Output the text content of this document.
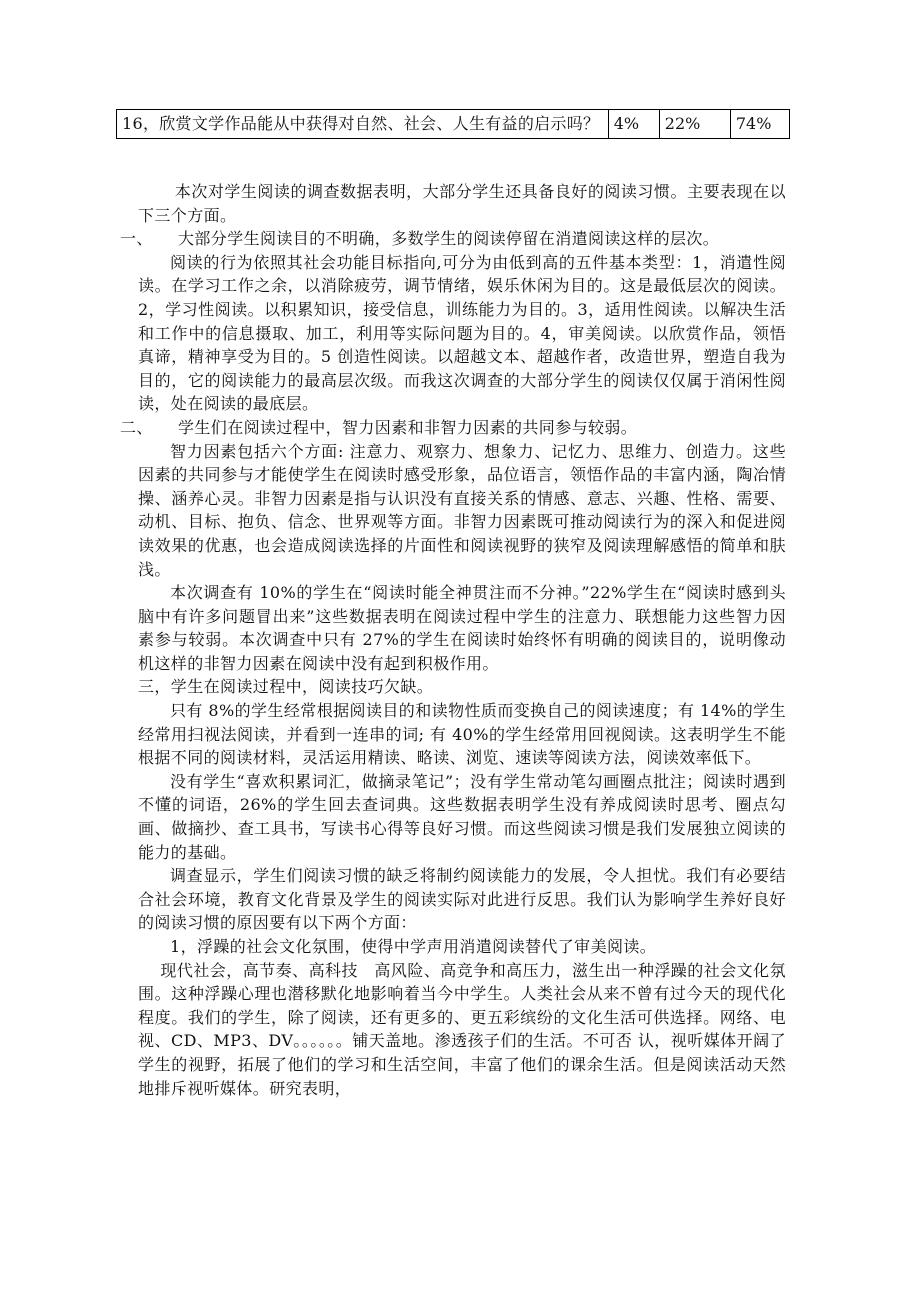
16，欣赏文学作品能从中获得对自然、社会、人生有益的启示吗？	4%	22%	74%

本次对学生阅读的调查数据表明，大部分学生还具备良好的阅读习惯。主要表现在以下三个方面。

一、 大部分学生阅读目的不明确，多数学生的阅读停留在消遣阅读这样的层次。

阅读的行为依照其社会功能目标指向,可分为由低到高的五件基本类型：1，消遣性阅读。在学习工作之余，以消除疲劳，调节情绪，娱乐休闲为目的。这是最低层次的阅读。2，学习性阅读。以积累知识，接受信息，训练能力为目的。3，适用性阅读。以解决生活和工作中的信息摄取、加工，利用等实际问题为目的。4，审美阅读。以欣赏作品，领悟真谛，精神享受为目的。5 创造性阅读。以超越文本、超越作者，改造世界，塑造自我为目的，它的阅读能力的最高层次级。而我这次调查的大部分学生的阅读仅仅属于消闲性阅读，处在阅读的最底层。

二、 学生们在阅读过程中，智力因素和非智力因素的共同参与较弱。

智力因素包括六个方面: 注意力、观察力、想象力、记忆力、思维力、创造力。这些因素的共同参与才能使学生在阅读时感受形象，品位语言，领悟作品的丰富内涵，陶冶情操、涵养心灵。非智力因素是指与认识没有直接关系的情感、意志、兴趣、性格、需要、动机、目标、抱负、信念、世界观等方面。非智力因素既可推动阅读行为的深入和促进阅读效果的优惠，也会造成阅读选择的片面性和阅读视野的狭窄及阅读理解感悟的简单和肤浅。

本次调查有 10%的学生在“阅读时能全神贯注而不分神。”22%学生在“阅读时感到头脑中有许多问题冒出来”这些数据表明在阅读过程中学生的注意力、联想能力这些智力因素参与较弱。本次调查中只有 27%的学生在阅读时始终怀有明确的阅读目的，说明像动机这样的非智力因素在阅读中没有起到积极作用。

三，学生在阅读过程中，阅读技巧欠缺。

只有 8%的学生经常根据阅读目的和读物性质而变换自己的阅读速度；有 14%的学生经常用扫视法阅读，并看到一连串的词; 有 40%的学生经常用回视阅读。这表明学生不能根据不同的阅读材料，灵活运用精读、略读、浏览、速读等阅读方法，阅读效率低下。

没有学生“喜欢积累词汇，做摘录笔记”；没有学生常动笔勾画圈点批注；阅读时遇到不懂的词语，26%的学生回去查词典。这些数据表明学生没有养成阅读时思考、圈点勾画、做摘抄、查工具书，写读书心得等良好习惯。而这些阅读习惯是我们发展独立阅读的能力的基础。

调查显示，学生们阅读习惯的缺乏将制约阅读能力的发展，令人担忧。我们有必要结合社会环境，教育文化背景及学生的阅读实际对此进行反思。我们认为影响学生养好良好的阅读习惯的原因要有以下两个方面：

1，浮躁的社会文化氛围，使得中学声用消遣阅读替代了审美阅读。

现代社会，高节奏、高科技　高风险、高竞争和高压力，滋生出一种浮躁的社会文化氛围。这种浮躁心理也潜移默化地影响着当今中学生。人类社会从来不曾有过今天的现代化程度。我们的学生，除了阅读，还有更多的、更五彩缤纷的文化生活可供选择。网络、电视、CD、MP3、DV。。。。。。铺天盖地。渗透孩子们的生活。不可否 认，视听媒体开阔了学生的视野，拓展了他们的学习和生活空间，丰富了他们的课余生活。但是阅读活动天然地排斥视听媒体。研究表明，
